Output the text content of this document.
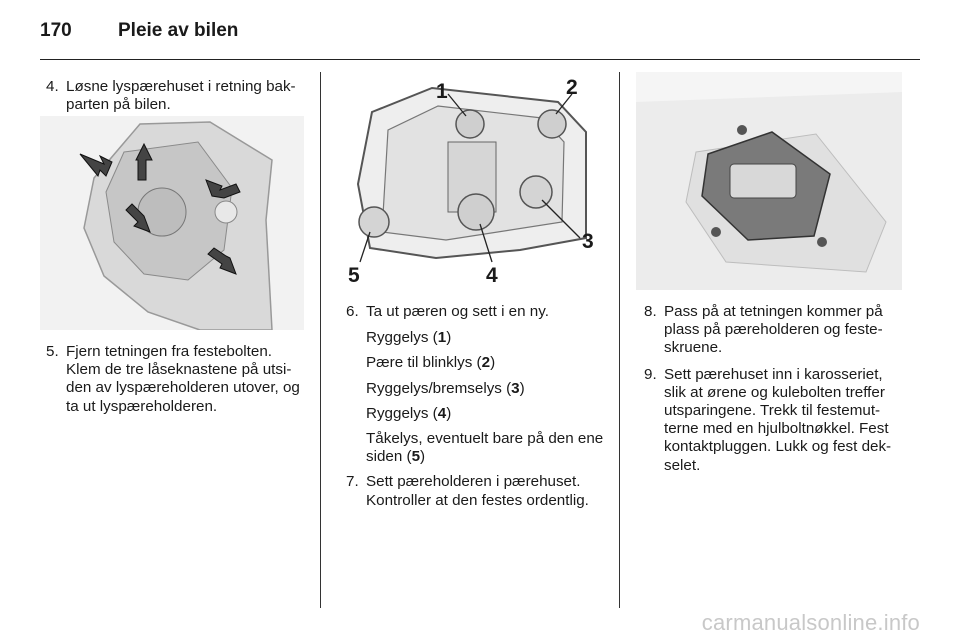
170	Pleie av bilen
4. Løsne lyspærehuset i retning bak-parten på bilen.
5. Fjern tetningen fra festebolten. Klem de tre låseknastene på utsi-den av lyspæreholderen utover, og ta ut lyspæreholderen.
1	2
3
4
5
6. Ta ut pæren og sett i en ny.
Ryggelys (1)
Pære til blinklys (2)
Ryggelys/bremselys (3)
Ryggelys (4)
Tåkelys, eventuelt bare på den ene siden (5)
7. Sett pæreholderen i pærehuset. Kontroller at den festes ordentlig.
8. Pass på at tetningen kommer på plass på pæreholderen og feste-skruene.
9. Sett pærehuset inn i karosseriet, slik at ørene og kulebolten treffer utsparingene. Trekk til festemut-terne med en hjulboltnøkkel. Fest kontaktpluggen. Lukk og fest dek-selet.
carmanualsonline.info
